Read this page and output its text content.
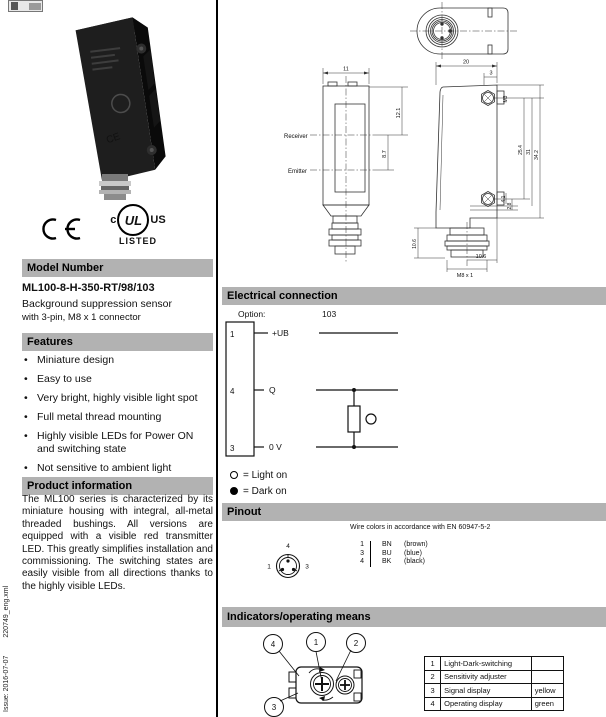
Issue: 2016-07-07 220749_eng.xml
CE
c UL US
LISTED
Model Number
ML100-8-H-350-RT/98/103
Background suppression sensor
with 3-pin, M8 x 1 connector
Features
• Miniature design
• Easy to use
• Very bright, highly visible light spot
• Full metal thread mounting
• Highly visible LEDs for Power ON and switching state
• Not sensitive to ambient light
Product information

The ML100 series is characterized by its miniature housing with integral, all-metal threaded bushings. All versions are equipped with a visible red transmitter LED. This greatly simplifies installation and commissioning. The switching states are easily visible from all directions thanks to the highly visible LEDs.

Receiver
Emitter
11
12.1
8.7
20
3
M3
25.4 31 34.2
4.1
2.8
10.6
10.6
M8 x 1
Electrical connection
Option:	103
1
4
3
+UB
Q
0 V
= Light on
= Dark on
Pinout
4
1	3
Wire colors in accordance with EN 60947-5-2
1	BN	(brown)
3	BU	(blue)
4	BK	(black)
Indicators/operating means
4	1	2
3
1	Light-Dark-switching	
2	Sensitivity adjuster	
3	Signal display	yellow
4	Operating display	green
